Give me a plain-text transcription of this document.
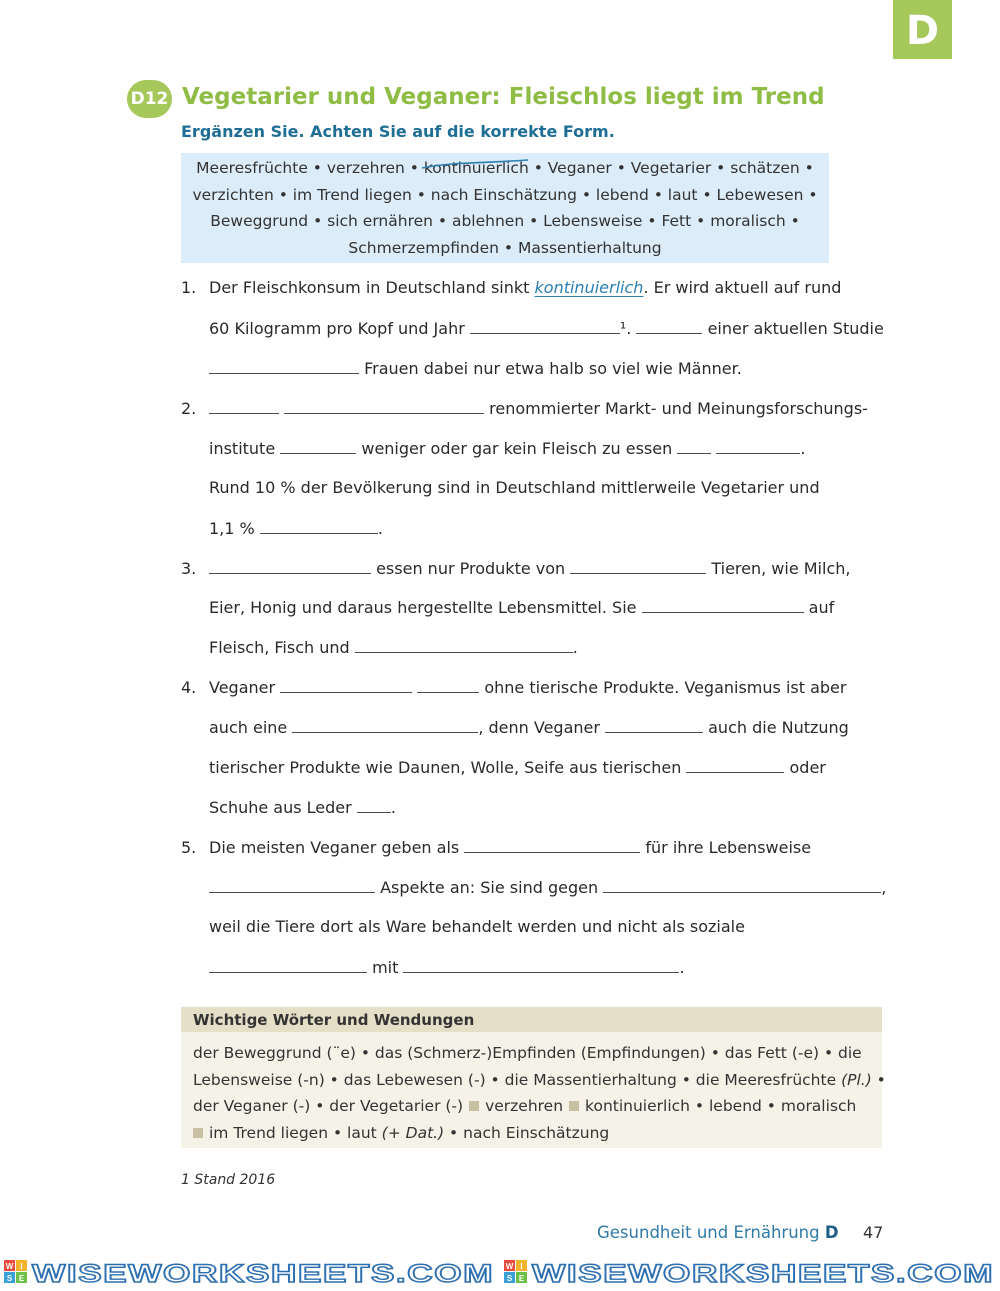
D
D12 Vegetarier und Veganer: Fleischlos liegt im Trend
Ergänzen Sie. Achten Sie auf die korrekte Form.
Meeresfrüchte • verzehren • kontinuierlich
• Veganer • Vegetarier • schätzen •
verzichten • im Trend liegen • nach Einschätzung • lebend • laut • Lebewesen •
Beweggrund • sich ernähren • ablehnen • Lebensweise • Fett • moralisch •
Schmerzempfinden • Massentierhaltung
1. Der Fleischkonsum in Deutschland sinkt kontinuierlich. Er wird aktuell auf rund
60 Kilogramm pro Kopf und Jahr	¹.	einer aktuellen Studie
Frauen dabei nur etwa halb so viel wie Männer.
2.	renommierter Markt- und Meinungsforschungs-
institute	weniger oder gar kein Fleisch zu essen	.
Rund 10 % der Bevölkerung sind in Deutschland mittlerweile Vegetarier und
1,1 %	.
3.	essen nur Produkte von	Tieren, wie Milch,
Eier, Honig und daraus hergestellte Lebensmittel. Sie	auf
Fleisch, Fisch und	.
4. Veganer	ohne tierische Produkte. Veganismus ist aber
auch eine	, denn Veganer	auch die Nutzung
tierischer Produkte wie Daunen, Wolle, Seife aus tierischen	oder
Schuhe aus Leder .
5. Die meisten Veganer geben als	für ihre Lebensweise
Aspekte an: Sie sind gegen	,
weil die Tiere dort als Ware behandelt werden und nicht als soziale
mit	.
Wichtige Wörter und Wendungen
der Beweggrund (¨e) • das (Schmerz-)Empfinden (Empfindungen) • das Fett (-e) • die
Lebensweise (-n) • das Lebewesen (-) • die Massentierhaltung • die Meeresfrüchte (Pl.) •
der Veganer (-) • der Vegetarier (-) verzehren kontinuierlich • lebend • moralisch
im Trend liegen • laut (+ Dat.) • nach Einschätzung
1 Stand 2016
Gesundheit und Ernährung D 47
W I
S E WISEWORKSHEETS.COM W I
S E WISEWORKSHEETS.COM
